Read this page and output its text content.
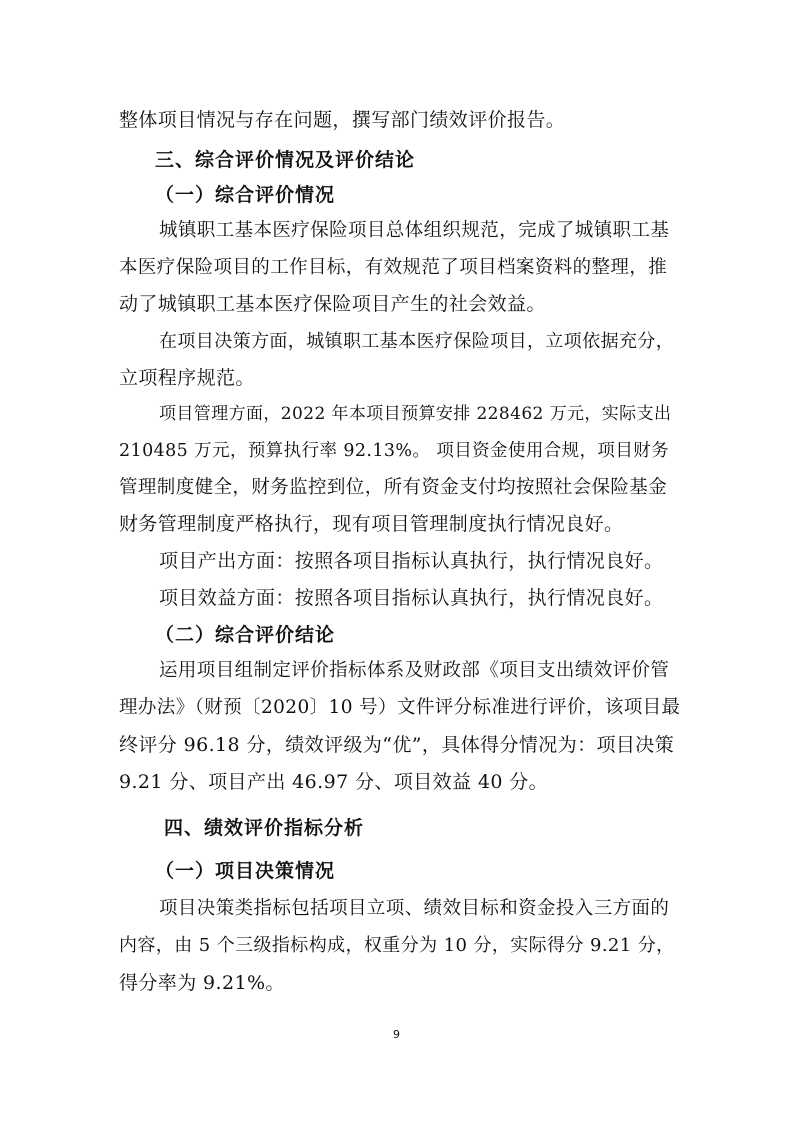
整体项目情况与存在问题，撰写部门绩效评价报告。
三、综合评价情况及评价结论
（一）综合评价情况
城镇职工基本医疗保险项目总体组织规范，完成了城镇职工基
本医疗保险项目的工作目标，有效规范了项目档案资料的整理，推
动了城镇职工基本医疗保险项目产生的社会效益。
在项目决策方面，城镇职工基本医疗保险项目，立项依据充分，
立项程序规范。
项目管理方面，2022 年本项目预算安排 228462 万元，实际支出
210485 万元，预算执行率 92.13%。 项目资金使用合规，项目财务
管理制度健全，财务监控到位，所有资金支付均按照社会保险基金
财务管理制度严格执行，现有项目管理制度执行情况良好。
项目产出方面：按照各项目指标认真执行，执行情况良好。
项目效益方面：按照各项目指标认真执行，执行情况良好。
（二）综合评价结论
运用项目组制定评价指标体系及财政部《项目支出绩效评价管
理办法》（财预〔2020〕10 号）文件评分标准进行评价，该项目最
终评分 96.18 分，绩效评级为“优”，具体得分情况为：项目决策
9.21 分、项目产出 46.97 分、项目效益 40 分。
四、绩效评价指标分析
（一）项目决策情况
项目决策类指标包括项目立项、绩效目标和资金投入三方面的
内容，由 5 个三级指标构成，权重分为 10 分，实际得分 9.21 分，
得分率为 9.21%。
9
